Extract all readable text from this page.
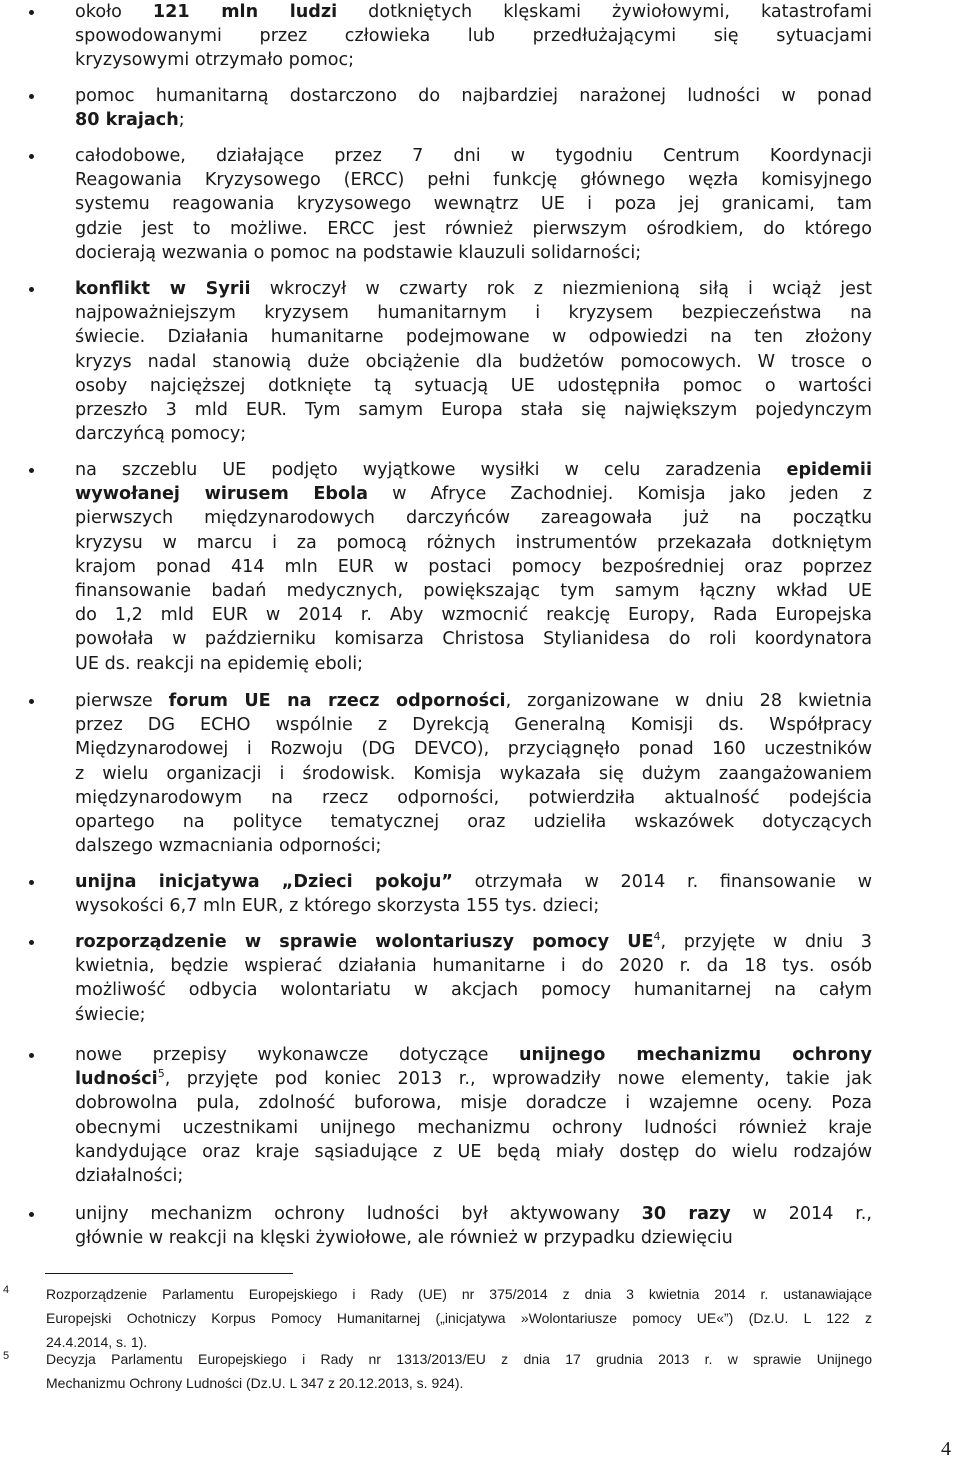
około 121 mln ludzi dotkniętych klęskami żywiołowymi, katastrofami
spowodowanymi przez człowieka lub przedłużającymi się sytuacjami
kryzysowymi otrzymało pomoc;
pomoc humanitarną dostarczono do najbardziej narażonej ludności w ponad
80 krajach;
całodobowe, działające przez 7 dni w tygodniu Centrum Koordynacji
Reagowania Kryzysowego (ERCC) pełni funkcję głównego węzła komisyjnego
systemu reagowania kryzysowego wewnątrz UE i poza jej granicami, tam
gdzie jest to możliwe. ERCC jest również pierwszym ośrodkiem, do którego
docierają wezwania o pomoc na podstawie klauzuli solidarności;
konflikt w Syrii wkroczył w czwarty rok z niezmienioną siłą i wciąż jest
najpoważniejszym kryzysem humanitarnym i kryzysem bezpieczeństwa na
świecie. Działania humanitarne podejmowane w odpowiedzi na ten złożony
kryzys nadal stanowią duże obciążenie dla budżetów pomocowych. W trosce o
osoby najcięższej dotknięte tą sytuacją UE udostępniła pomoc o wartości
przeszło 3 mld EUR. Tym samym Europa stała się największym pojedynczym
darczyńcą pomocy;
na szczeblu UE podjęto wyjątkowe wysiłki w celu zaradzenia epidemii
wywołanej wirusem Ebola w Afryce Zachodniej. Komisja jako jeden z
pierwszych międzynarodowych darczyńców zareagowała już na początku
kryzysu w marcu i za pomocą różnych instrumentów przekazała dotkniętym
krajom ponad 414 mln EUR w postaci pomocy bezpośredniej oraz poprzez
finansowanie badań medycznych, powiększając tym samym łączny wkład UE
do 1,2 mld EUR w 2014 r. Aby wzmocnić reakcję Europy, Rada Europejska
powołała w październiku komisarza Christosa Stylianidesa do roli koordynatora
UE ds. reakcji na epidemię eboli;
pierwsze forum UE na rzecz odporności, zorganizowane w dniu 28 kwietnia
przez DG ECHO wspólnie z Dyrekcją Generalną Komisji ds. Współpracy
Międzynarodowej i Rozwoju (DG DEVCO), przyciągnęło ponad 160 uczestników
z wielu organizacji i środowisk. Komisja wykazała się dużym zaangażowaniem
międzynarodowym na rzecz odporności, potwierdziła aktualność podejścia
opartego na polityce tematycznej oraz udzieliła wskazówek dotyczących
dalszego wzmacniania odporności;
unijna inicjatywa „Dzieci pokoju” otrzymała w 2014 r. finansowanie w
wysokości 6,7 mln EUR, z którego skorzysta 155 tys. dzieci;
rozporządzenie w sprawie wolontariuszy pomocy $UE^4$, przyjęte w dniu 3
kwietnia, będzie wspierać działania humanitarne i do 2020 r. da 18 tys. osób
możliwość odbycia wolontariatu w akcjach pomocy humanitarnej na całym
świecie;
nowe przepisy wykonawcze dotyczące unijnego mechanizmu ochrony
ludności$^5$, przyjęte pod koniec 2013 r., wprowadziły nowe elementy, takie jak
dobrowolna pula, zdolność buforowa, misje doradcze i wzajemne oceny. Poza
obecnymi uczestnikami unijnego mechanizmu ochrony ludności również kraje
kandydujące oraz kraje sąsiadujące z UE będą miały dostęp do wielu rodzajów
działalności;
unijny mechanizm ochrony ludności był aktywowany 30 razy w 2014 r.,
głównie w reakcji na klęski żywiołowe, ale również w przypadku dziewięciu
4	Rozporządzenie Parlamentu Europejskiego i Rady (UE) nr 375/2014 z dnia 3 kwietnia 2014 r. ustanawiające
Europejski Ochotniczy Korpus Pomocy Humanitarnej („inicjatywa »Wolontariusze pomocy UE«”) (Dz.U. L 122 z
24.4.2014, s. 1).
5	Decyzja Parlamentu Europejskiego i Rady nr 1313/2013/EU z dnia 17 grudnia 2013 r. w sprawie Unijnego
Mechanizmu Ochrony Ludności (Dz.U. L 347 z 20.12.2013, s. 924).
4
